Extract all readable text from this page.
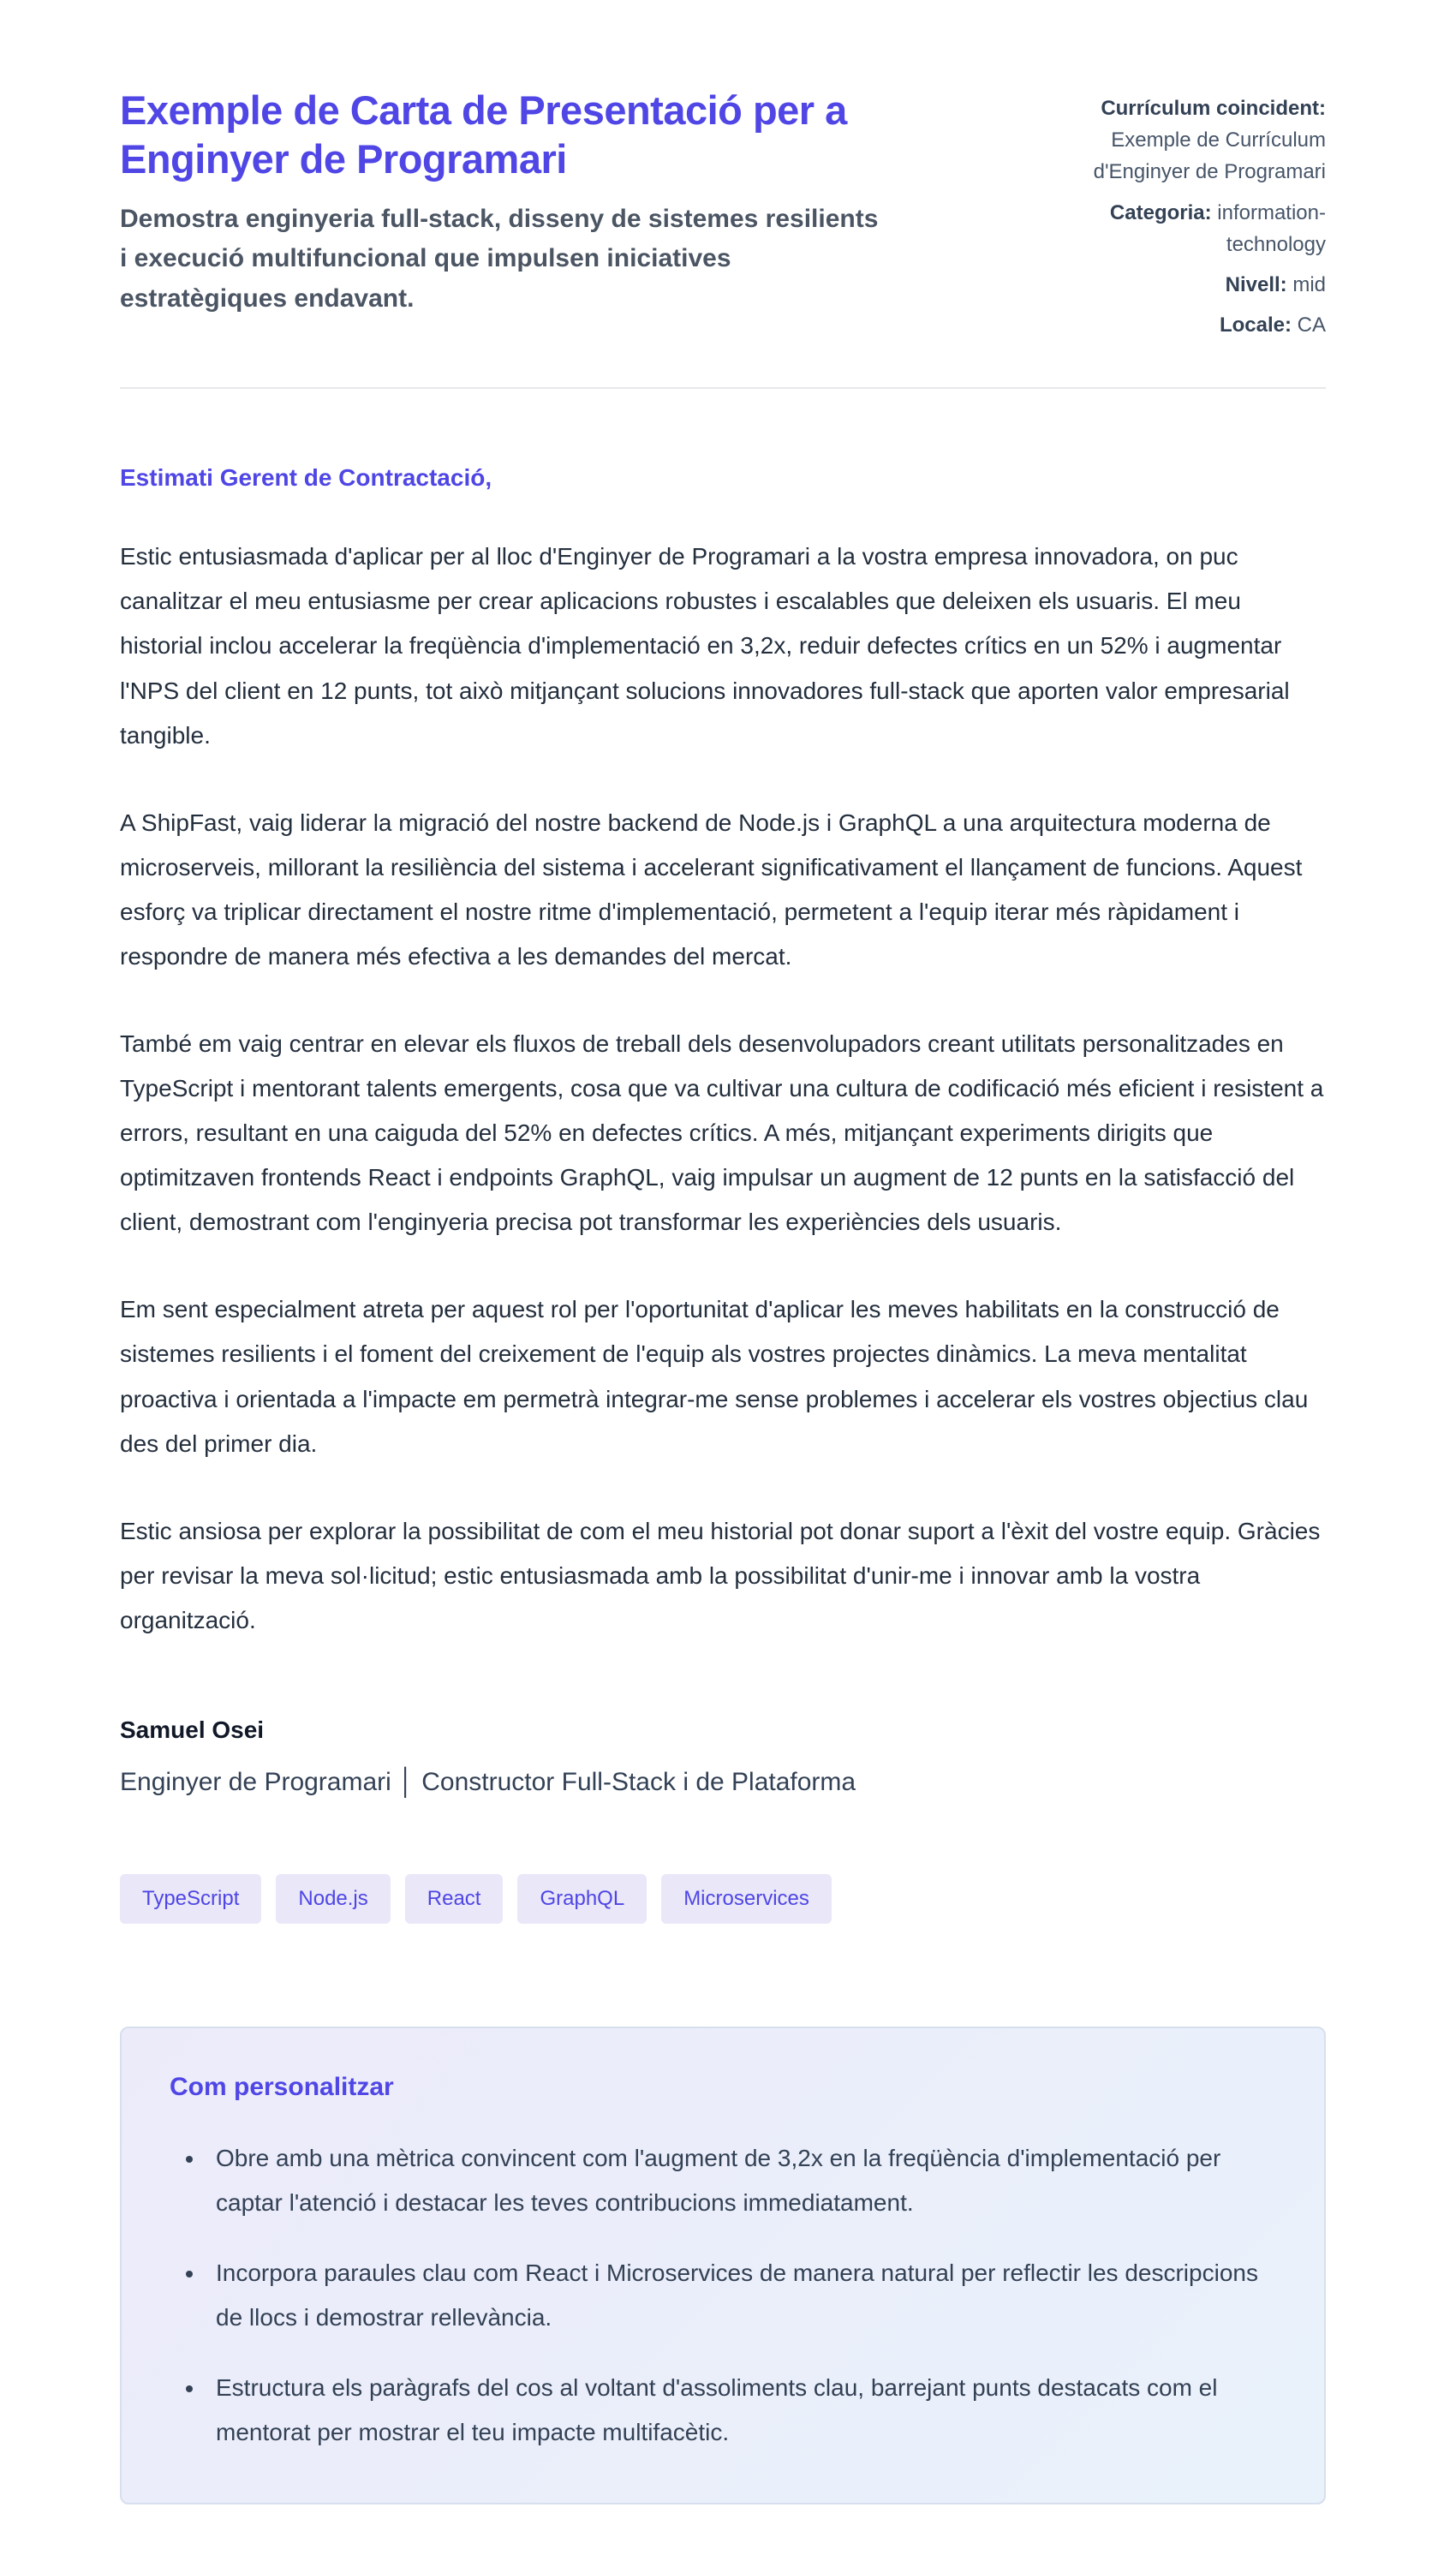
Exemple de Carta de Presentació per a Enginyer de Programari
Demostra enginyeria full-stack, disseny de sistemes resilients i execució multifuncional que impulsen iniciatives estratègiques endavant.
Currículum coincident:
Exemple de Currículum d'Enginyer de Programari
Categoria: information-technology
Nivell: mid
Locale: CA
Estimati Gerent de Contractació,

Estic entusiasmada d'aplicar per al lloc d'Enginyer de Programari a la vostra empresa innovadora, on puc canalitzar el meu entusiasme per crear aplicacions robustes i escalables que deleixen els usuaris. El meu historial inclou accelerar la freqüència d'implementació en 3,2x, reduir defectes crítics en un 52% i augmentar l'NPS del client en 12 punts, tot això mitjançant solucions innovadores full-stack que aporten valor empresarial tangible.

A ShipFast, vaig liderar la migració del nostre backend de Node.js i GraphQL a una arquitectura moderna de microserveis, millorant la resiliència del sistema i accelerant significativament el llançament de funcions. Aquest esforç va triplicar directament el nostre ritme d'implementació, permetent a l'equip iterar més ràpidament i respondre de manera més efectiva a les demandes del mercat.

També em vaig centrar en elevar els fluxos de treball dels desenvolupadors creant utilitats personalitzades en TypeScript i mentorant talents emergents, cosa que va cultivar una cultura de codificació més eficient i resistent a errors, resultant en una caiguda del 52% en defectes crítics. A més, mitjançant experiments dirigits que optimitzaven frontends React i endpoints GraphQL, vaig impulsar un augment de 12 punts en la satisfacció del client, demostrant com l'enginyeria precisa pot transformar les experiències dels usuaris.

Em sent especialment atreta per aquest rol per l'oportunitat d'aplicar les meves habilitats en la construcció de sistemes resilients i el foment del creixement de l'equip als vostres projectes dinàmics. La meva mentalitat proactiva i orientada a l'impacte em permetrà integrar-me sense problemes i accelerar els vostres objectius clau des del primer dia.

Estic ansiosa per explorar la possibilitat de com el meu historial pot donar suport a l'èxit del vostre equip. Gràcies per revisar la meva sol·licitud; estic entusiasmada amb la possibilitat d'unir-me i innovar amb la vostra organització.

Samuel Osei
Enginyer de Programari │ Constructor Full-Stack i de Plataforma
TypeScript	Node.js	React	GraphQL	Microservices
Com personalitzar
• Obre amb una mètrica convincent com l'augment de 3,2x en la freqüència d'implementació per captar l'atenció i destacar les teves contribucions immediatament.
• Incorpora paraules clau com React i Microservices de manera natural per reflectir les descripcions de llocs i demostrar rellevància.
• Estructura els paràgrafs del cos al voltant d'assoliments clau, barrejant punts destacats com el mentorat per mostrar el teu impacte multifacètic.
